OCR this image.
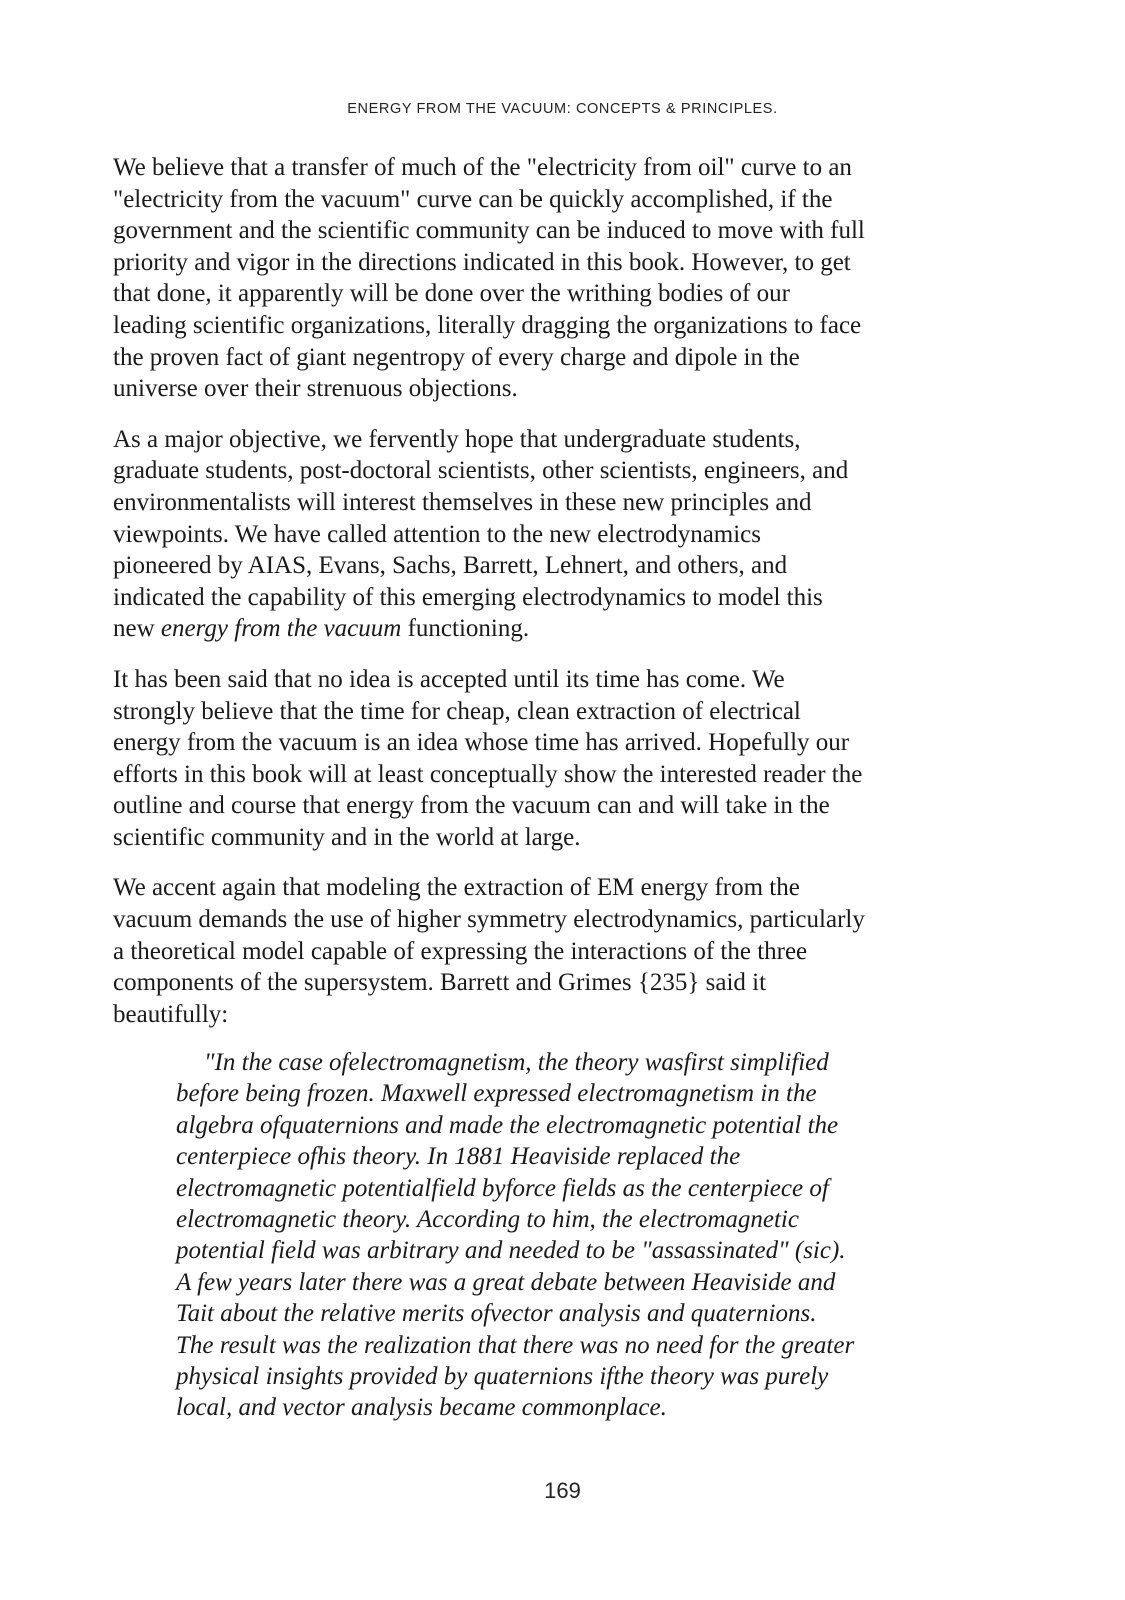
ENERGY FROM THE VACUUM: CONCEPTS & PRINCIPLES.
We believe that a transfer of much of the "electricity from oil" curve to an
"electricity from the vacuum" curve can be quickly accomplished, if the
government and the scientific community can be induced to move with full
priority and vigor in the directions indicated in this book. However, to get
that done, it apparently will be done over the writhing bodies of our
leading scientific organizations, literally dragging the organizations to face
the proven fact of giant negentropy of every charge and dipole in the
universe over their strenuous objections.
As a major objective, we fervently hope that undergraduate students,
graduate students, post-doctoral scientists, other scientists, engineers, and
environmentalists will interest themselves in these new principles and
viewpoints. We have called attention to the new electrodynamics
pioneered by AIAS, Evans, Sachs, Barrett, Lehnert, and others, and
indicated the capability of this emerging electrodynamics to model this
new energy from the vacuum functioning.
It has been said that no idea is accepted until its time has come. We
strongly believe that the time for cheap, clean extraction of electrical
energy from the vacuum is an idea whose time has arrived. Hopefully our
efforts in this book will at least conceptually show the interested reader the
outline and course that energy from the vacuum can and will take in the
scientific community and in the world at large.
We accent again that modeling the extraction of EM energy from the
vacuum demands the use of higher symmetry electrodynamics, particularly
a theoretical model capable of expressing the interactions of the three
components of the supersystem. Barrett and Grimes {235} said it
beautifully:
"In the case ofelectromagnetism, the theory wasfirst simplified
before being frozen. Maxwell expressed electromagnetism in the
algebra ofquaternions and made the electromagnetic potential the
centerpiece ofhis theory. In 1881 Heaviside replaced the
electromagnetic potentialfield byforce fields as the centerpiece of
electromagnetic theory. According to him, the electromagnetic
potential field was arbitrary and needed to be "assassinated" (sic).
A few years later there was a great debate between Heaviside and
Tait about the relative merits ofvector analysis and quaternions.
The result was the realization that there was no need for the greater
physical insights provided by quaternions ifthe theory was purely
local, and vector analysis became commonplace.
169
